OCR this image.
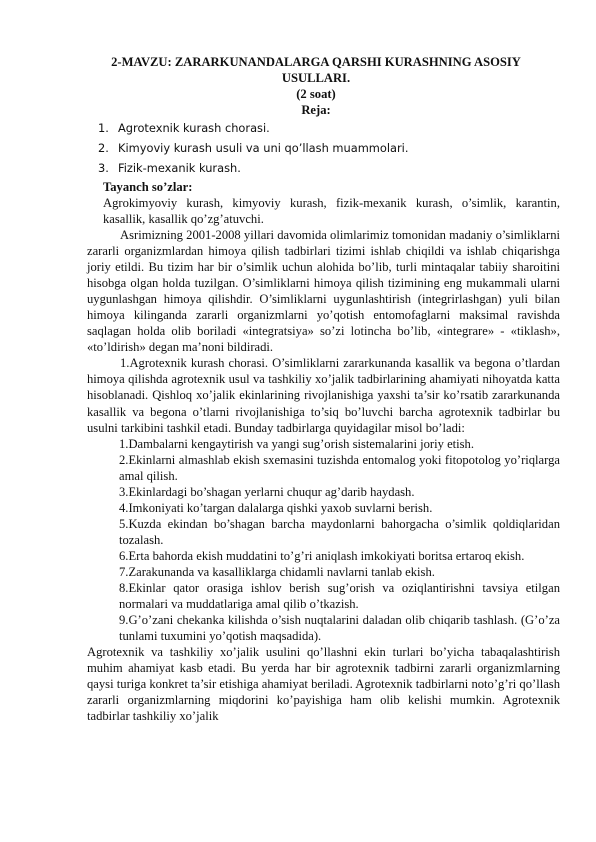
2-MAVZU: ZARARKUNANDALARGA QARSHI KURASHNING ASOSIY
USULLARI.
(2 soat)
Reja:
1. Agrotexnik kurash chorasi.
2. Kimyoviy kurash usuli va uni qo’llash muammolari.
3. Fizik-mexanik kurash.
Tayanch so’zlar:
Agrokimyoviy kurash, kimyoviy kurash, fizik-mexanik kurash, o’simlik, karantin, kasallik, kasallik qo’zg’atuvchi.

Asrimizning 2001-2008 yillari davomida olimlarimiz tomonidan madaniy o’simliklarni zararli organizmlardan himoya qilish tadbirlari tizimi ishlab chiqildi va ishlab chiqarishga joriy etildi. Bu tizim har bir o’simlik uchun alohida bo’lib, turli mintaqalar tabiiy sharoitini hisobga olgan holda tuzilgan. O’simliklarni himoya qilish tizimining eng mukammali ularni uygunlashgan himoya qilishdir. O’simliklarni uygunlashtirish (integrirlashgan) yuli bilan himoya kilinganda zararli organizmlarni yo’qotish entomofaglarni maksimal ravishda saqlagan holda olib boriladi «integratsiya» so’zi lotincha bo’lib, «integrare» - «tiklash», «to’ldirish» degan ma’noni bildiradi.

1.Agrotexnik kurash chorasi. O’simliklarni zararkunanda kasallik va begona o’tlardan himoya qilishda agrotexnik usul va tashkiliy xo’jalik tadbirlarining ahamiyati nihoyatda katta hisoblanadi. Qishloq xo’jalik ekinlarining rivojlanishiga yaxshi ta’sir ko’rsatib zararkunanda kasallik va begona o’tlarni rivojlanishiga to’siq bo’luvchi barcha agrotexnik tadbirlar bu usulni tarkibini tashkil etadi. Bunday tadbirlarga quyidagilar misol bo’ladi:

1.Dambalarni kengaytirish va yangi sug’orish sistemalarini joriy etish.
2.Ekinlarni almashlab ekish sxemasini tuzishda entomalog yoki fitopotolog yo’riqlarga amal qilish.
3.Ekinlardagi bo’shagan yerlarni chuqur ag’darib haydash.
4.Imkoniyati ko’targan dalalarga qishki yaxob suvlarni berish.
5.Kuzda ekindan bo’shagan barcha maydonlarni bahorgacha o’simlik qoldiqlaridan tozalash.
6.Erta bahorda ekish muddatini to’g’ri aniqlash imkokiyati boritsa ertaroq ekish.
7.Zarakunanda va kasalliklarga chidamli navlarni tanlab ekish.
8.Ekinlar qator orasiga ishlov berish sug’orish va oziqlantirishni tavsiya etilgan normalari va muddatlariga amal qilib o’tkazish.
9.G’o’zani chekanka kilishda o’sish nuqtalarini daladan olib chiqarib tashlash. (G’o’za tunlami tuxumini yo’qotish maqsadida).

Agrotexnik va tashkiliy xo’jalik usulini qo’llashni ekin turlari bo’yicha tabaqalashtirish muhim ahamiyat kasb etadi. Bu yerda har bir agrotexnik tadbirni zararli organizmlarning qaysi turiga konkret ta’sir etishiga ahamiyat beriladi. Agrotexnik tadbirlarni noto’g’ri qo’llash zararli organizmlarning miqdorini ko’payishiga ham olib kelishi mumkin. Agrotexnik tadbirlar tashkiliy xo’jalik
